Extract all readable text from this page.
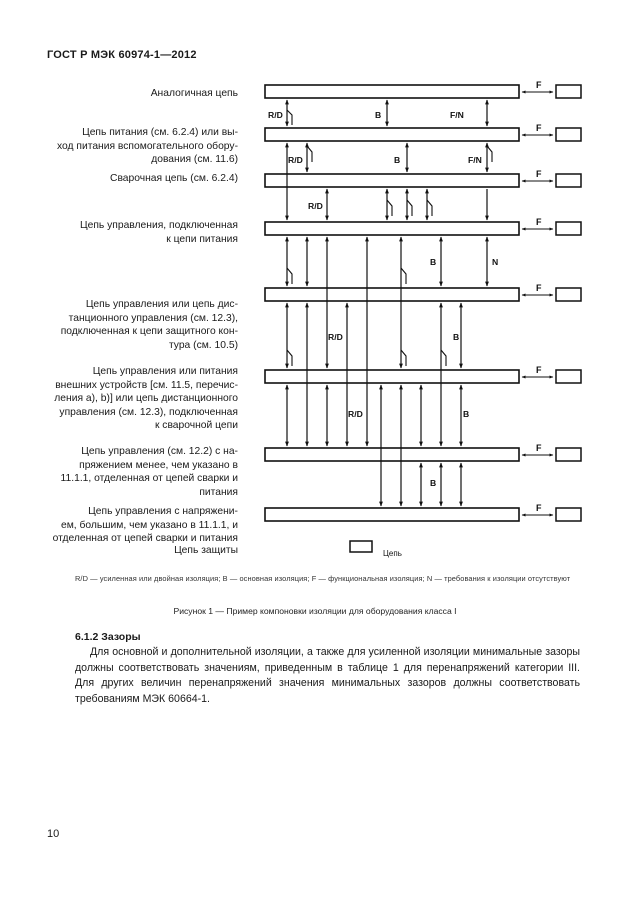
ГОСТ Р МЭК 60974-1—2012
Аналогичная цепь
Цепь питания (см. 6.2.4) или вы-
ход питания вспомогательного обору-
дования (см. 11.6)
Сварочная цепь (см. 6.2.4)
Цепь управления, подключенная
к цепи питания
Цепь управления или цепь дис-
танционного управления (см. 12.3),
подключенная к цепи защитного кон-
тура (см. 10.5)
Цепь управления или питания
внешних устройств [см. 11.5, перечис-
ления а), b)] или цепь дистанционного
управления (см. 12.3), подключенная
к сварочной цепи
Цепь управления (см. 12.2) с на-
пряжением менее, чем указано в
11.1.1, отделенная от цепей сварки и
питания
Цепь управления с напряжени-
ем, большим, чем указано в 11.1.1, и
отделенная от цепей сварки и питания
Цепь защиты
F
F
F
F
F
F
F
F
R/D	B	F/N
R/D	B	F/N
R/D
B	N
R/D	B
R/D	B
B
Цепь
R/D — усиленная или двойная изоляция; B — основная изоляция; F — функциональная изоляция; N — требования к изоляции отсутствуют
Рисунок 1 — Пример компоновки изоляции для оборудования класса I
6.1.2 Зазоры
Для основной и дополнительной изоляции, а также для усиленной изоляции минимальные зазоры должны соответствовать значениям, приведенным в таблице 1 для перенапряжений категории III. Для других величин перенапряжений значения минимальных зазоров должны соответствовать требованиям МЭК 60664-1.
10
